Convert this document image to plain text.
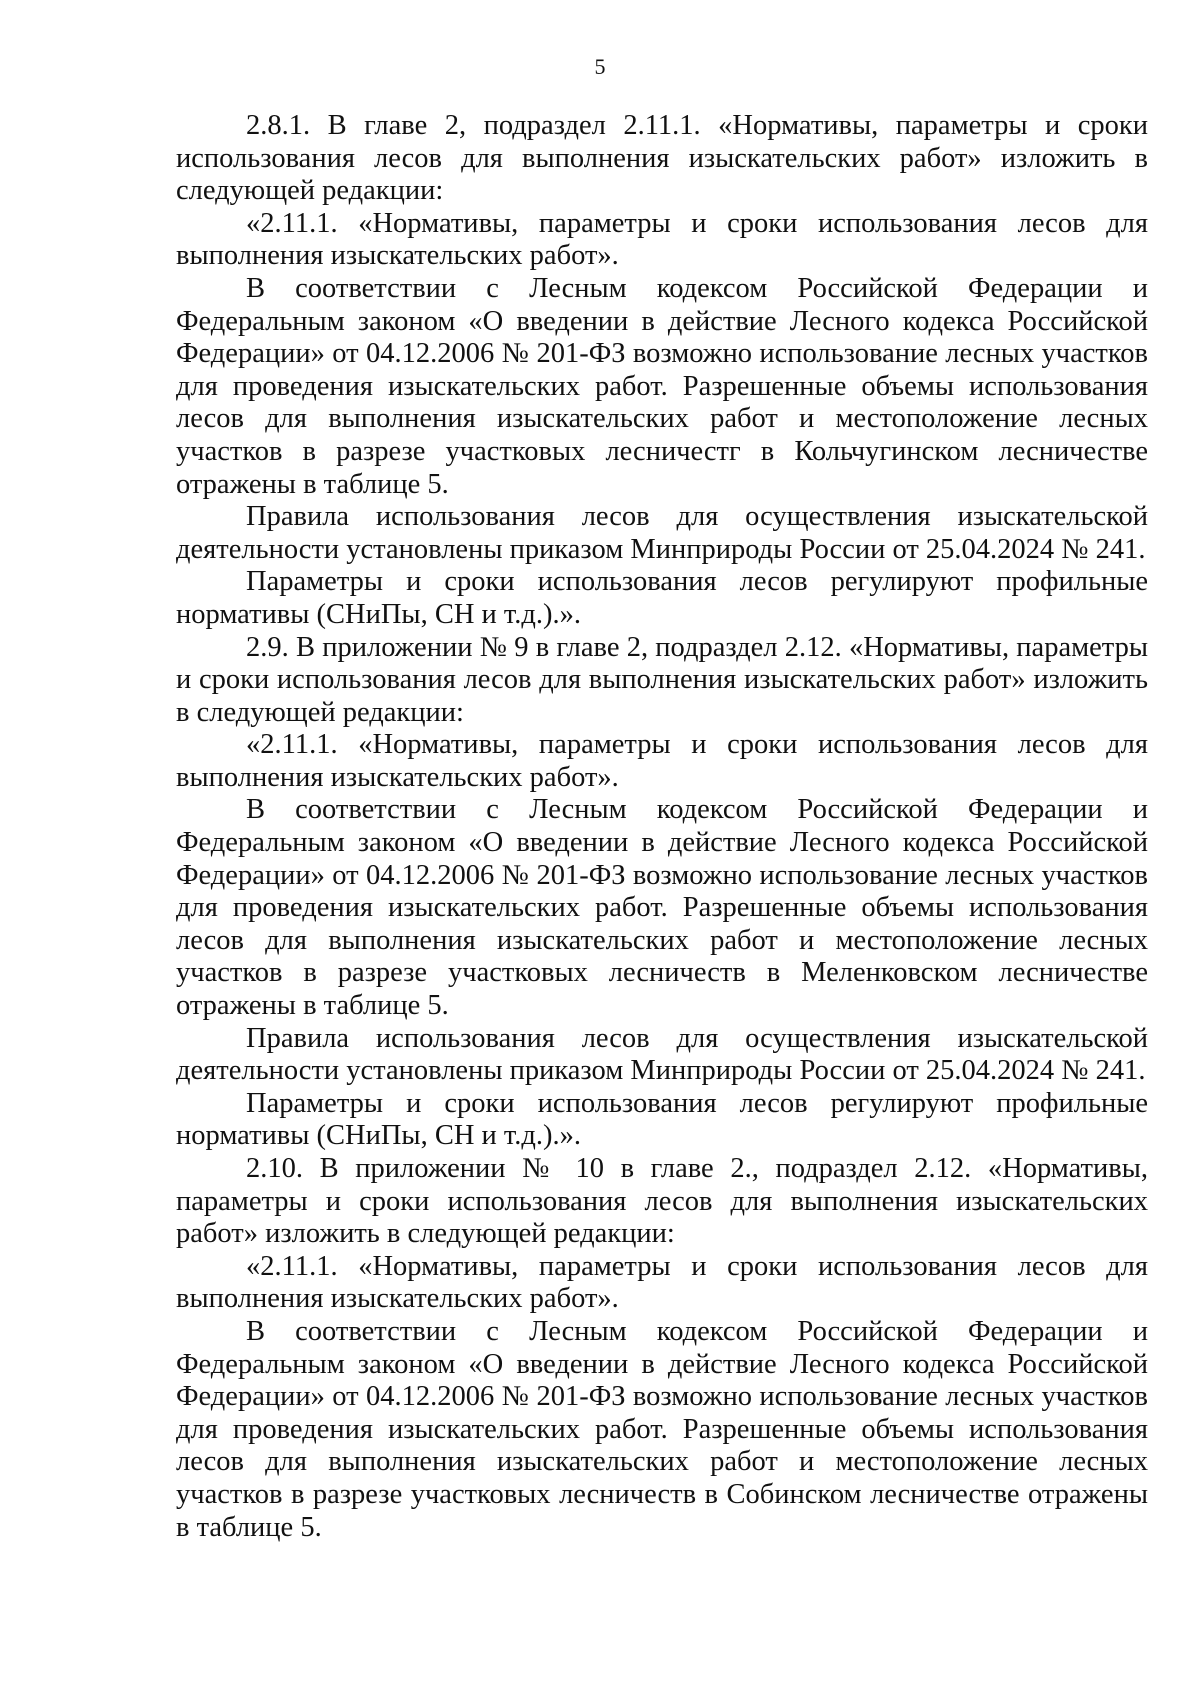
5

2.8.1. В главе 2, подраздел 2.11.1. «Нормативы, параметры и сроки использования лесов для выполнения изыскательских работ» изложить в следующей редакции:

«2.11.1. «Нормативы, параметры и сроки использования лесов для выполнения изыскательских работ».

В соответствии с Лесным кодексом Российской Федерации и Федеральным законом «О введении в действие Лесного кодекса Российской Федерации» от 04.12.2006 № 201-ФЗ возможно использование лесных участков для проведения изыскательских работ. Разрешенные объемы использования лесов для выполнения изыскательских работ и местоположение лесных участков в разрезе участковых лесничестг в Кольчугинском лесничестве отражены в таблице 5.

Правила использования лесов для осуществления изыскательской деятельности установлены приказом Минприроды России от 25.04.2024 № 241.

Параметры и сроки использования лесов регулируют профильные нормативы (СНиПы, СН и т.д.).».

2.9. В приложении № 9 в главе 2, подраздел 2.12. «Нормативы, параметры и сроки использования лесов для выполнения изыскательских работ» изложить в следующей редакции:

«2.11.1. «Нормативы, параметры и сроки использования лесов для выполнения изыскательских работ».

В соответствии с Лесным кодексом Российской Федерации и Федеральным законом «О введении в действие Лесного кодекса Российской Федерации» от 04.12.2006 № 201-ФЗ возможно использование лесных участков для проведения изыскательских работ. Разрешенные объемы использования лесов для выполнения изыскательских работ и местоположение лесных участков в разрезе участковых лесничеств в Меленковском лесничестве отражены в таблице 5.

Правила использования лесов для осуществления изыскательской деятельности установлены приказом Минприроды России от 25.04.2024 № 241.

Параметры и сроки использования лесов регулируют профильные нормативы (СНиПы, СН и т.д.).».

2.10. В приложении № 10 в главе 2., подраздел 2.12. «Нормативы, параметры и сроки использования лесов для выполнения изыскательских работ» изложить в следующей редакции:

«2.11.1. «Нормативы, параметры и сроки использования лесов для выполнения изыскательских работ».

В соответствии с Лесным кодексом Российской Федерации и Федеральным законом «О введении в действие Лесного кодекса Российской Федерации» от 04.12.2006 № 201-ФЗ возможно использование лесных участков для проведения изыскательских работ. Разрешенные объемы использования лесов для выполнения изыскательских работ и местоположение лесных участков в разрезе участковых лесничеств в Собинском лесничестве отражены в таблице 5.
